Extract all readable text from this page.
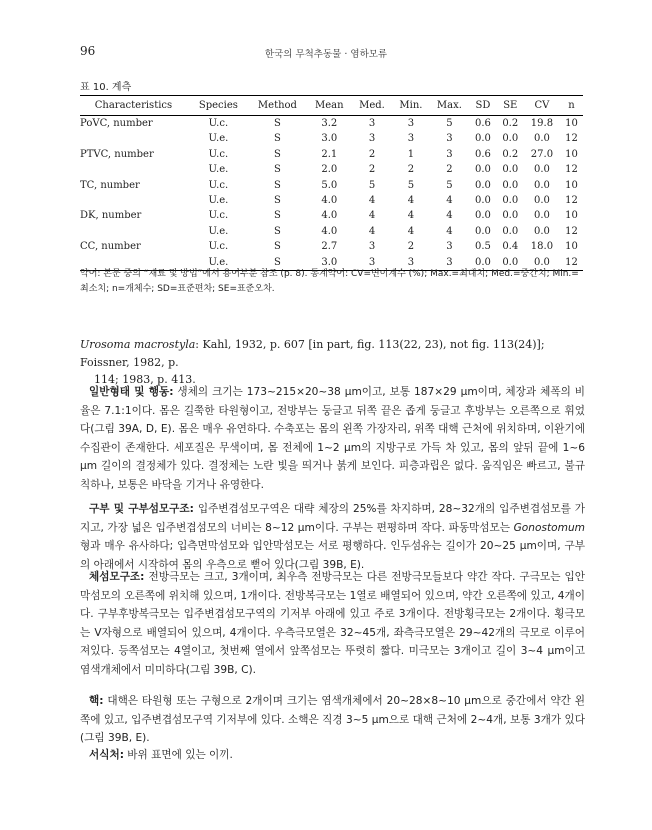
96	한국의 무척추동물 · 염하모류
표 10. 계측
Characteristics	Species	Method	Mean	Med.	Min.	Max.	SD	SE	CV	n
PoVC, number	U.c.	S	3.2	3	3	5	0.6	0.2	19.8	10
	U.e.	S	3.0	3	3	3	0.0	0.0	0.0	12
PTVC, number	U.c.	S	2.1	2	1	3	0.6	0.2	27.0	10
	U.e.	S	2.0	2	2	2	0.0	0.0	0.0	12
TC, number	U.c.	S	5.0	5	5	5	0.0	0.0	0.0	10
	U.e.	S	4.0	4	4	4	0.0	0.0	0.0	12
DK, number	U.c.	S	4.0	4	4	4	0.0	0.0	0.0	10
	U.e.	S	4.0	4	4	4	0.0	0.0	0.0	12
CC, number	U.c.	S	2.7	3	2	3	0.5	0.4	18.0	10
	U.e.	S	3.0	3	3	3	0.0	0.0	0.0	12
약어: 본문 중의 “재료 및 방법”에서 용어부분 참조 (p. 8). 통계약어: CV=변이계수 (%); Max.=최대치; Med.=중간치; Min.=최소치; n=개체수; SD=표준편차; SE=표준오차.
Urosoma macrostyla: Kahl, 1932, p. 607 [in part, fig. 113(22, 23), not fig. 113(24)]; Foissner, 1982, p.
114; 1983, p. 413.
일반형태 및 행동: 생체의 크기는 173~215×20~38 μm이고, 보통 187×29 μm이며, 체장과 체폭의 비율은 7.1:1이다. 몸은 길쭉한 타원형이고, 전방부는 둥글고 뒤쪽 끝은 좁게 둥글고 후방부는 오른쪽으로 휘었다(그림 39A, D, E). 몸은 매우 유연하다. 수축포는 몸의 왼쪽 가장자리, 위쪽 대핵 근처에 위치하며, 이완기에 수집관이 존재한다. 세포질은 무색이며, 몸 전체에 1~2 μm의 지방구로 가득 차 있고, 몸의 앞뒤 끝에 1~6 μm 길이의 결정체가 있다. 결정체는 노란 빛을 띄거나 붉게 보인다. 피층과립은 없다. 움직임은 빠르고, 불규칙하나, 보통은 바닥을 기거나 유영한다.
구부 및 구부섬모구조: 입주변겹섬모구역은 대략 체장의 25%를 차지하며, 28~32개의 입주변겹섬모를 가지고, 가장 넓은 입주변겹섬모의 너비는 8~12 μm이다. 구부는 편평하며 작다. 파동막섬모는 Gonostomum형과 매우 유사하다; 입측면막섬모와 입안막섬모는 서로 평행하다. 인두섬유는 길이가 20~25 μm이며, 구부의 아래에서 시작하여 몸의 우측으로 뻗어 있다(그림 39B, E).
체섬모구조: 전방극모는 크고, 3개이며, 최우측 전방극모는 다른 전방극모들보다 약간 작다. 구극모는 입안막섬모의 오른쪽에 위치해 있으며, 1개이다. 전방복극모는 1열로 배열되어 있으며, 약간 오른쪽에 있고, 4개이다. 구부후방복극모는 입주변겹섬모구역의 기저부 아래에 있고 주로 3개이다. 전방횡극모는 2개이다. 횡극모는 V자형으로 배열되어 있으며, 4개이다. 우측극모열은 32~45개, 좌측극모열은 29~42개의 극모로 이루어져있다. 등쪽섬모는 4열이고, 첫번째 열에서 앞쪽섬모는 뚜렷히 짧다. 미극모는 3개이고 길이 3~4 μm이고 염색개체에서 미미하다(그림 39B, C).
핵: 대핵은 타원형 또는 구형으로 2개이며 크기는 염색개체에서 20~28×8~10 μm으로 중간에서 약간 왼쪽에 있고, 입주변겹섬모구역 기저부에 있다. 소핵은 직경 3~5 μm으로 대핵 근처에 2~4개, 보통 3개가 있다(그림 39B, E).
서식처: 바위 표면에 있는 이끼.
